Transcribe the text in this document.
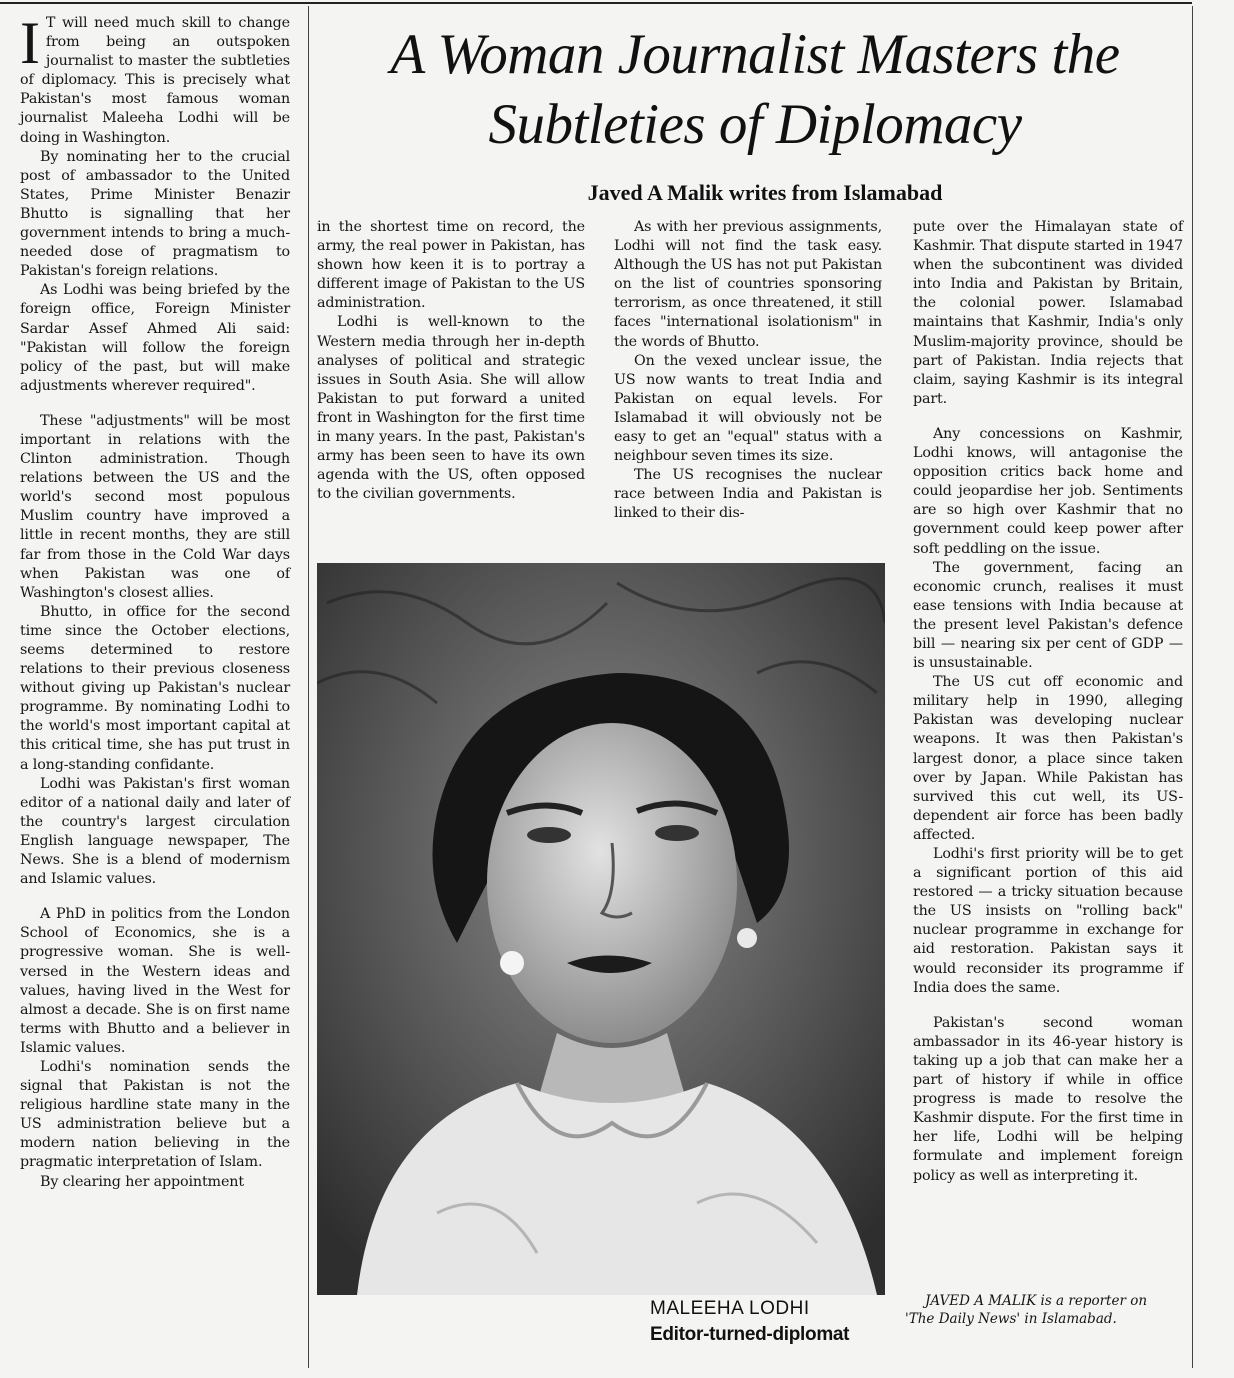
A Woman Journalist Masters the Subtleties of Diplomacy
Javed A Malik writes from Islamabad

I T will need much skill to change from being an outspoken journalist to master the subtleties of diplomacy. This is precisely what Pakistan's most famous woman journalist Maleeha Lodhi will be doing in Washington.

By nominating her to the crucial post of ambassador to the United States, Prime Minister Benazir Bhutto is signalling that her government intends to bring a much-needed dose of pragmatism to Pakistan's foreign relations.

As Lodhi was being briefed by the foreign office, Foreign Minister Sardar Assef Ahmed Ali said: "Pakistan will follow the foreign policy of the past, but will make adjustments wherever required".

These "adjustments" will be most important in relations with the Clinton administration. Though relations between the US and the world's second most populous Muslim country have improved a little in recent months, they are still far from those in the Cold War days when Pakistan was one of Washington's closest allies.

Bhutto, in office for the second time since the October elections, seems determined to restore relations to their previous closeness without giving up Pakistan's nuclear programme. By nominating Lodhi to the world's most important capital at this critical time, she has put trust in a long-standing confidante.

Lodhi was Pakistan's first woman editor of a national daily and later of the country's largest circulation English language newspaper, The News. She is a blend of modernism and Islamic values.

A PhD in politics from the London School of Economics, she is a progressive woman. She is well-versed in the Western ideas and values, having lived in the West for almost a decade. She is on first name terms with Bhutto and a believer in Islamic values.

Lodhi's nomination sends the signal that Pakistan is not the religious hardline state many in the US administration believe but a modern nation believing in the pragmatic interpretation of Islam.

By clearing her appointment

in the shortest time on record, the army, the real power in Pakistan, has shown how keen it is to portray a different image of Pakistan to the US administration.

Lodhi is well-known to the Western media through her in-depth analyses of political and strategic issues in South Asia. She will allow Pakistan to put forward a united front in Washington for the first time in many years. In the past, Pakistan's army has been seen to have its own agenda with the US, often opposed to the civilian governments.

As with her previous assignments, Lodhi will not find the task easy. Although the US has not put Pakistan on the list of countries sponsoring terrorism, as once threatened, it still faces "international isolationism" in the words of Bhutto.

On the vexed unclear issue, the US now wants to treat India and Pakistan on equal levels. For Islamabad it will obviously not be easy to get an "equal" status with a neighbour seven times its size.

The US recognises the nuclear race between India and Pakistan is linked to their dis-

pute over the Himalayan state of Kashmir. That dispute started in 1947 when the subcontinent was divided into India and Pakistan by Britain, the colonial power. Islamabad maintains that Kashmir, India's only Muslim-majority province, should be part of Pakistan. India rejects that claim, saying Kashmir is its integral part.

Any concessions on Kashmir, Lodhi knows, will antagonise the opposition critics back home and could jeopardise her job. Sentiments are so high over Kashmir that no government could keep power after soft peddling on the issue.

The government, facing an economic crunch, realises it must ease tensions with India because at the present level Pakistan's defence bill — nearing six per cent of GDP — is unsustainable.

The US cut off economic and military help in 1990, alleging Pakistan was developing nuclear weapons. It was then Pakistan's largest donor, a place since taken over by Japan. While Pakistan has survived this cut well, its US-dependent air force has been badly affected.

Lodhi's first priority will be to get a significant portion of this aid restored — a tricky situation because the US insists on "rolling back" nuclear programme in exchange for aid restoration. Pakistan says it would reconsider its programme if India does the same.

Pakistan's second woman ambassador in its 46-year history is taking up a job that can make her a part of history if while in office progress is made to resolve the Kashmir dispute. For the first time in her life, Lodhi will be helping formulate and implement foreign policy as well as interpreting it.

MALEEHA LODHI
Editor-turned-diplomat
JAVED A MALIK is a reporter on 'The Daily News' in Islamabad.
